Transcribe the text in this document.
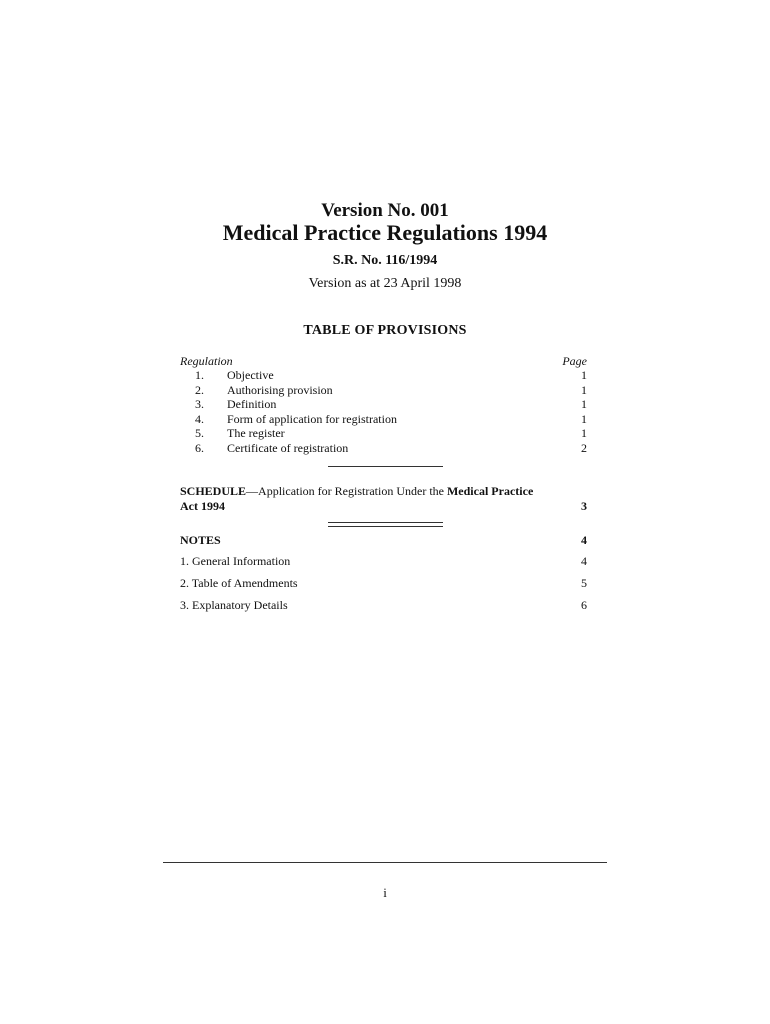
Version No. 001
Medical Practice Regulations 1994
S.R. No. 116/1994
Version as at 23 April 1998
TABLE OF PROVISIONS
Regulation	Page
1. Objective	1
2. Authorising provision	1
3. Definition	1
4. Form of application for registration	1
5. The register	1
6. Certificate of registration	2
SCHEDULE—Application for Registration Under the Medical Practice
Act 1994	3
NOTES	4
1. General Information	4
2. Table of Amendments	5
3. Explanatory Details	6
i
